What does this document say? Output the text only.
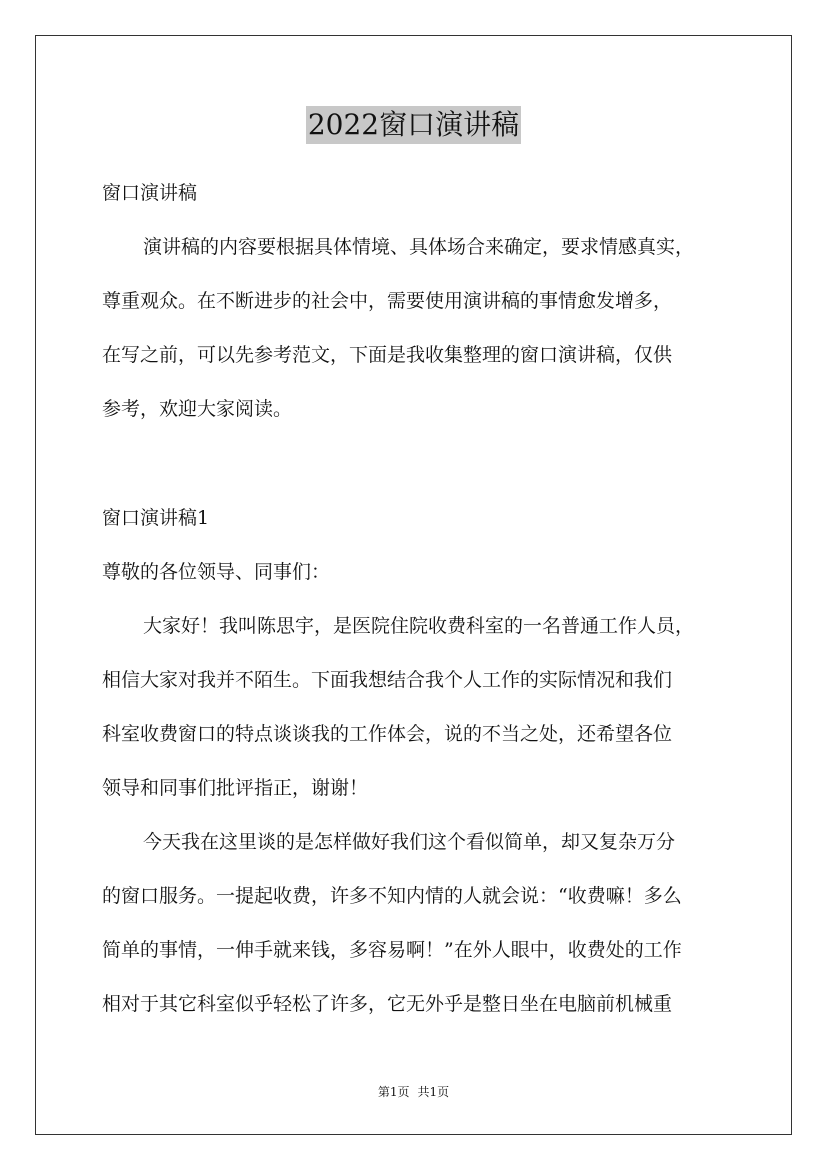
2022窗口演讲稿

窗口演讲稿

演讲稿的内容要根据具体情境、具体场合来确定，要求情感真实，

尊重观众。在不断进步的社会中，需要使用演讲稿的事情愈发增多，

在写之前，可以先参考范文，下面是我收集整理的窗口演讲稿，仅供

参考，欢迎大家阅读。

窗口演讲稿1

尊敬的各位领导、同事们：

大家好！我叫陈思宇，是医院住院收费科室的一名普通工作人员，

相信大家对我并不陌生。下面我想结合我个人工作的实际情况和我们

科室收费窗口的特点谈谈我的工作体会，说的不当之处，还希望各位

领导和同事们批评指正，谢谢！

今天我在这里谈的是怎样做好我们这个看似简单，却又复杂万分

的窗口服务。一提起收费，许多不知内情的人就会说：“收费嘛！多么

简单的事情，一伸手就来钱，多容易啊！”在外人眼中，收费处的工作

相对于其它科室似乎轻松了许多，它无外乎是整日坐在电脑前机械重

第1页 共1页
